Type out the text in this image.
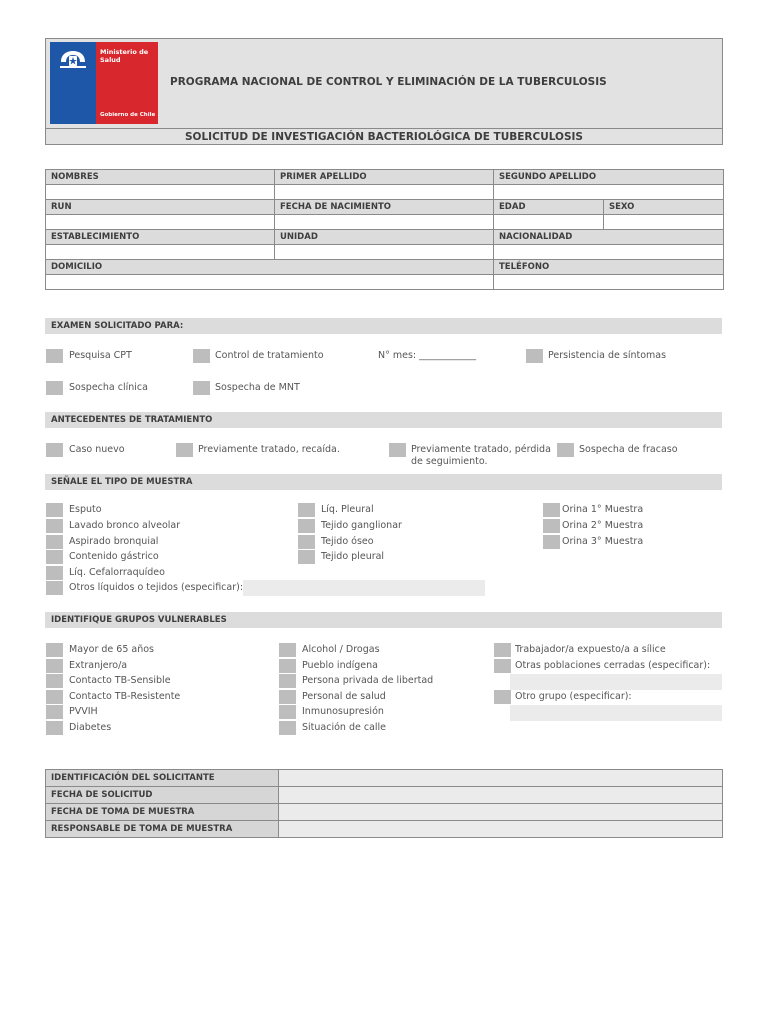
Ministerio de Salud
Gobierno de Chile
PROGRAMA NACIONAL DE CONTROL Y ELIMINACIÓN DE LA TUBERCULOSIS
SOLICITUD DE INVESTIGACIÓN BACTERIOLÓGICA DE TUBERCULOSIS
NOMBRES	PRIMER APELLIDO	SEGUNDO APELLIDO	

RUN	FECHA DE NACIMIENTO	EDAD	SEXO

ESTABLECIMIENTO	UNIDAD	NACIONALIDAD	

DOMICILIO		TELÉFONO	

EXAMEN SOLICITADO PARA:
Pesquisa CPT	Control de tratamiento	N° mes: ____________	Persistencia de síntomas
Sospecha clínica	Sospecha de MNT
ANTECEDENTES DE TRATAMIENTO
Caso nuevo	Previamente tratado, recaída.	Previamente tratado, pérdida
de seguimiento.
Sospecha de fracaso
SEÑALE EL TIPO DE MUESTRA
Esputo
Lavado bronco alveolar
Aspirado bronquial
Contenido gástrico
Líq. Cefalorraquídeo
Otros líquidos o tejidos (especificar):
Líq. Pleural
Tejido ganglionar
Tejido óseo
Tejido pleural
Orina 1° Muestra
Orina 2° Muestra
Orina 3° Muestra
IDENTIFIQUE GRUPOS VULNERABLES
Mayor de 65 años
Extranjero/a
Contacto TB-Sensible
Contacto TB-Resistente
PVVIH
Diabetes
Alcohol / Drogas
Pueblo indígena
Persona privada de libertad
Personal de salud
Inmunosupresión
Situación de calle
Trabajador/a expuesto/a a sílice
Otras poblaciones cerradas (especificar):
Otro grupo (especificar):
IDENTIFICACIÓN DEL SOLICITANTE	
FECHA DE SOLICITUD	
FECHA DE TOMA DE MUESTRA	
RESPONSABLE DE TOMA DE MUESTRA	
